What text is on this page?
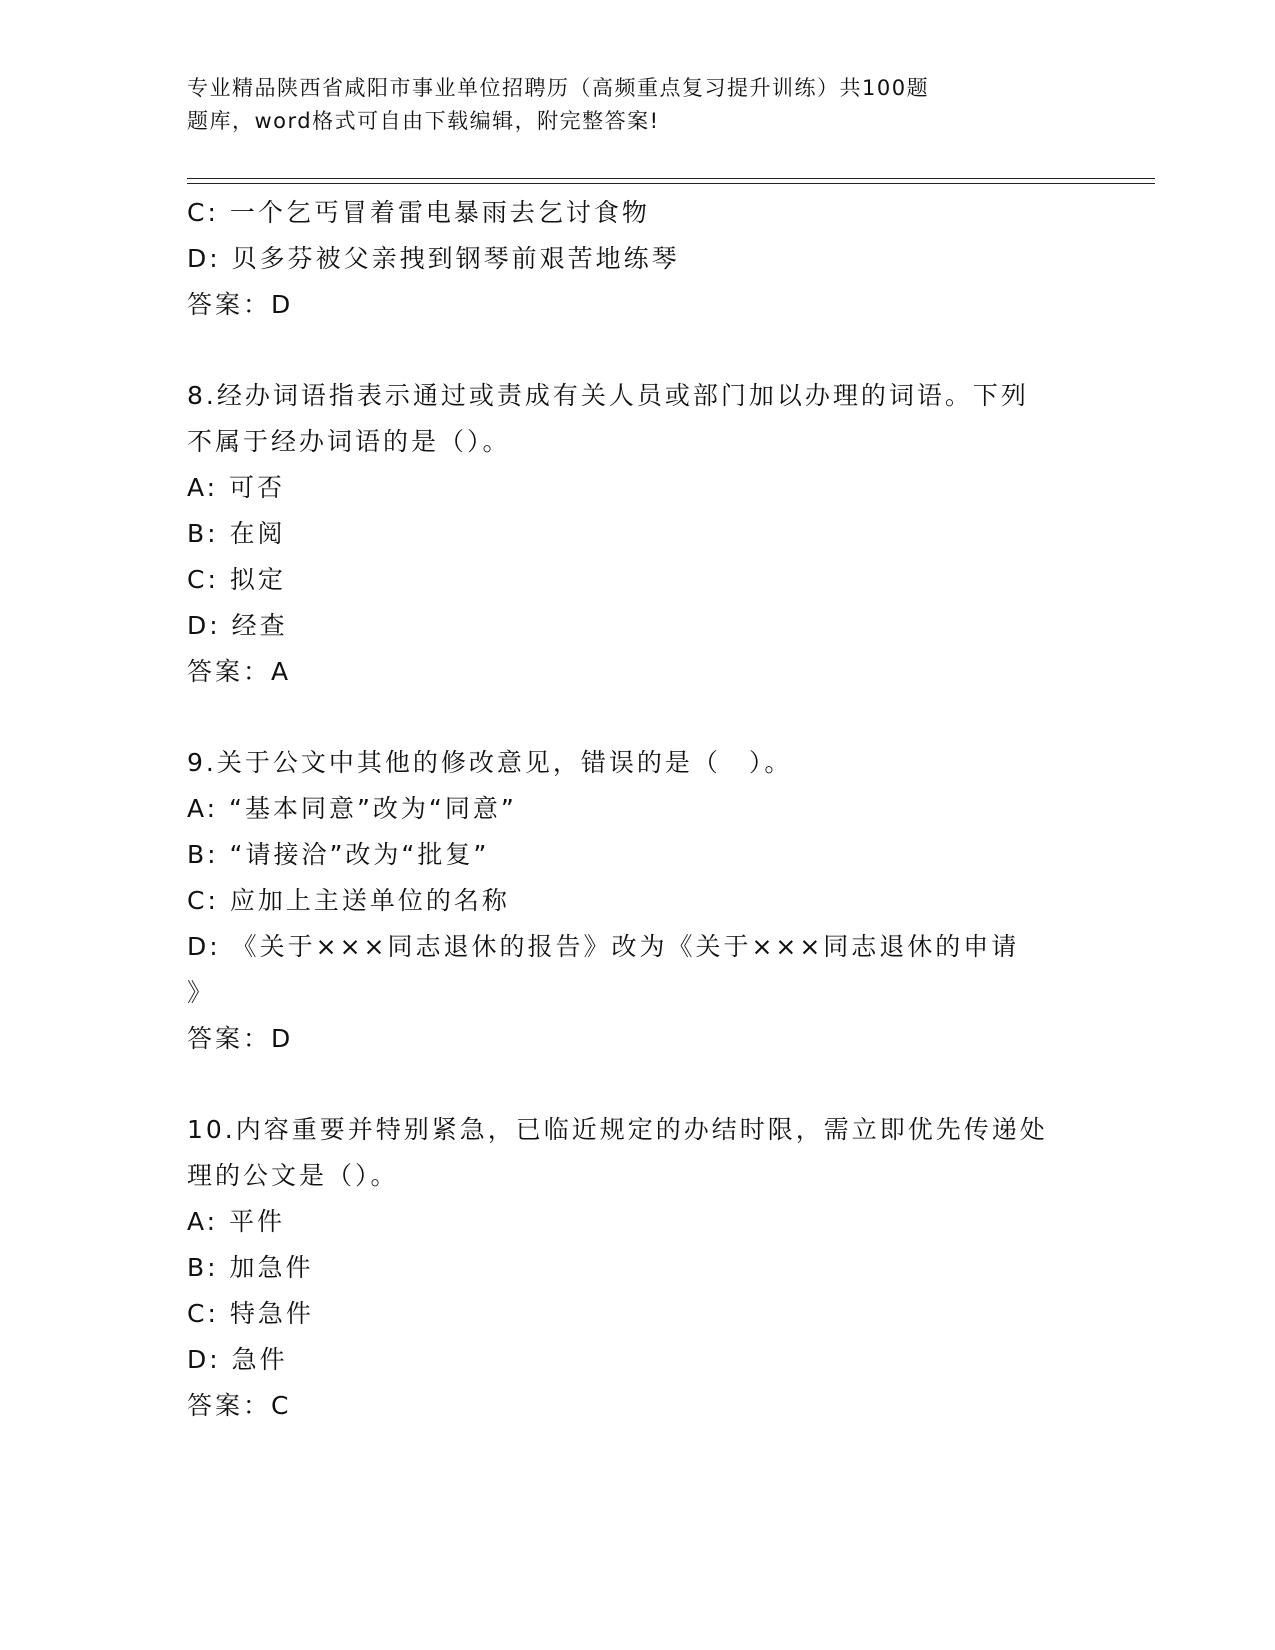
专业精品陕西省咸阳市事业单位招聘历（高频重点复习提升训练）共100题
题库，word格式可自由下载编辑，附完整答案!
C: 一个乞丐冒着雷电暴雨去乞讨食物
D: 贝多芬被父亲拽到钢琴前艰苦地练琴
答案：D
8.经办词语指表示通过或责成有关人员或部门加以办理的词语。下列
不属于经办词语的是（）。
A: 可否
B: 在阅
C: 拟定
D: 经查
答案：A
9.关于公文中其他的修改意见，错误的是（　）。
A: “基本同意”改为“同意”
B: “请接洽”改为“批复”
C: 应加上主送单位的名称
D: 《关于×××同志退休的报告》改为《关于×××同志退休的申请
》
答案：D
10.内容重要并特别紧急，已临近规定的办结时限，需立即优先传递处
理的公文是（）。
A: 平件
B: 加急件
C: 特急件
D: 急件
答案：C
